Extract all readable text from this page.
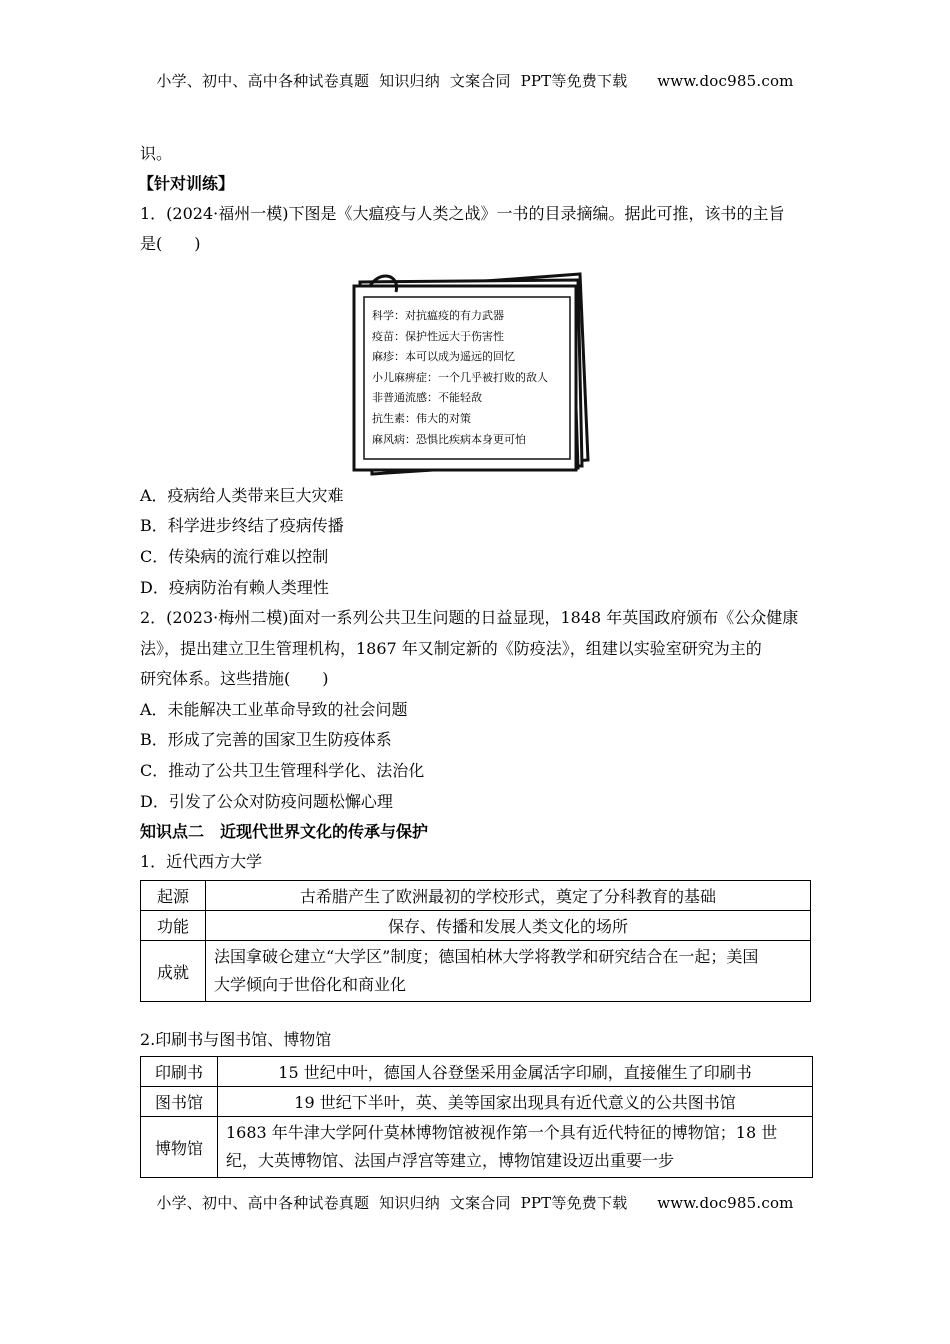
小学、初中、高中各种试卷真题  知识归纳  文案合同  PPT等免费下载      www.doc985.com
识。
【针对训练】
1．(2024·福州一模)下图是《大瘟疫与人类之战》一书的目录摘编。据此可推，该书的主旨
是(　　)
科学：对抗瘟疫的有力武器
疫苗：保护性远大于伤害性
麻疹：本可以成为遥远的回忆
小儿麻痹症：一个几乎被打败的敌人
非普通流感：不能轻敌
抗生素：伟大的对策
麻风病：恐惧比疾病本身更可怕
A．疫病给人类带来巨大灾难
B．科学进步终结了疫病传播
C．传染病的流行难以控制
D．疫病防治有赖人类理性
2．(2023·梅州二模)面对一系列公共卫生问题的日益显现，1848 年英国政府颁布《公众健康
法》，提出建立卫生管理机构，1867 年又制定新的《防疫法》，组建以实验室研究为主的
研究体系。这些措施(　　)
A．未能解决工业革命导致的社会问题
B．形成了完善的国家卫生防疫体系
C．推动了公共卫生管理科学化、法治化
D．引发了公众对防疫问题松懈心理
知识点二　近现代世界文化的传承与保护
1．近代西方大学
起源	古希腊产生了欧洲最初的学校形式，奠定了分科教育的基础
功能	保存、传播和发展人类文化的场所
成就	法国拿破仑建立“大学区”制度；德国柏林大学将教学和研究结合在一起；美国
大学倾向于世俗化和商业化
2.印刷书与图书馆、博物馆
印刷书	15 世纪中叶，德国人谷登堡采用金属活字印刷，直接催生了印刷书
图书馆	19 世纪下半叶，英、美等国家出现具有近代意义的公共图书馆
博物馆	1683 年牛津大学阿什莫林博物馆被视作第一个具有近代特征的博物馆；18 世
纪，大英博物馆、法国卢浮宫等建立，博物馆建设迈出重要一步
小学、初中、高中各种试卷真题  知识归纳  文案合同  PPT等免费下载      www.doc985.com
